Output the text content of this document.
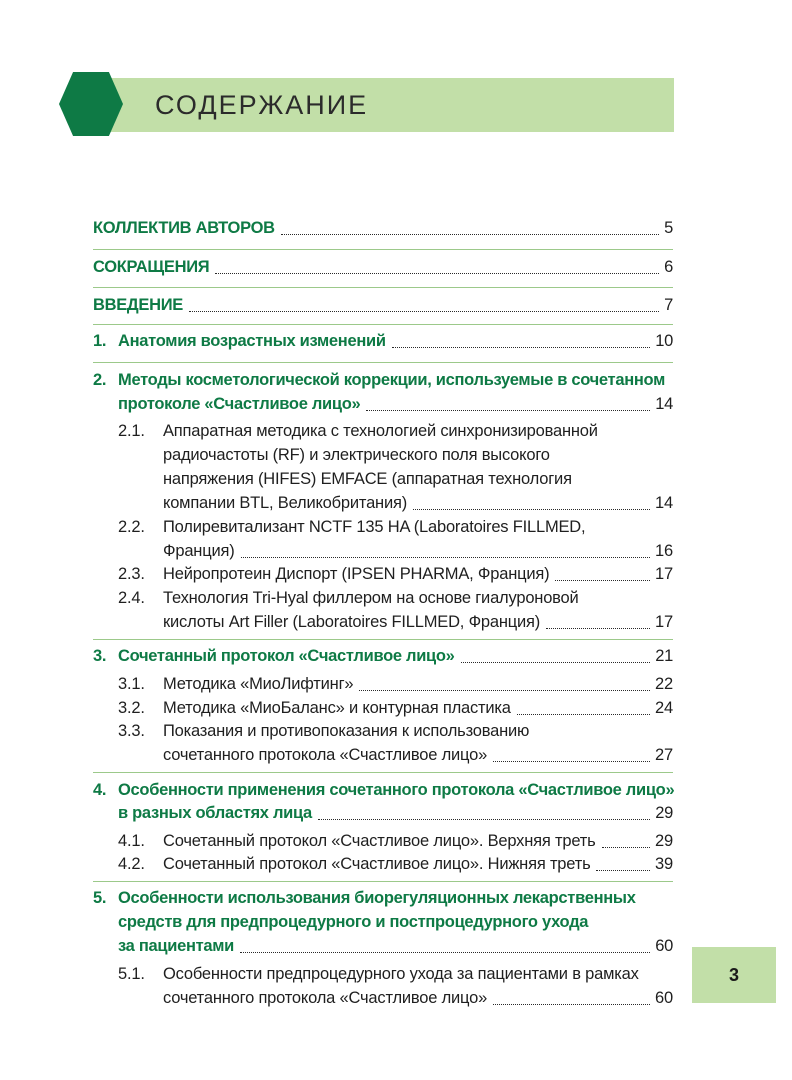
СОДЕРЖАНИЕ
КОЛЛЕКТИВ АВТОРОВ	5
СОКРАЩЕНИЯ	6
ВВЕДЕНИЕ	7
1. Анатомия возрастных изменений	10
2. Методы косметологической коррекции, используемые в сочетанном
протоколе «Счастливое лицо»	14
2.1. Аппаратная методика с технологией синхронизированной
радиочастоты (RF) и электрического поля высокого
напряжения (HIFES) EMFACE (аппаратная технология
компании BTL, Великобритания)	14
2.2. Полиревитализант NCTF 135 HA (Laboratoires FILLMED,
Франция)	16
2.3. Нейропротеин Диспорт (IPSEN PHARMA, Франция)	17
2.4. Технология Tri-Hyal филлером на основе гиалуроновой
кислоты Art Filler (Laboratoires FILLMED, Франция)	17
3. Сочетанный протокол «Счастливое лицо»	21
3.1. Методика «МиоЛифтинг»	22
3.2. Методика «МиоБаланс» и контурная пластика	24
3.3. Показания и противопоказания к использованию
сочетанного протокола «Счастливое лицо»	27
4. Особенности применения сочетанного протокола «Счастливое лицо»
в разных областях лица	29
4.1. Сочетанный протокол «Счастливое лицо». Верхняя треть	29
4.2. Сочетанный протокол «Счастливое лицо». Нижняя треть	39
5. Особенности использования биорегуляционных лекарственных
средств для предпроцедурного и постпроцедурного ухода
за пациентами	60
5.1. Особенности предпроцедурного ухода за пациентами в рамках
сочетанного протокола «Счастливое лицо»	60
3
